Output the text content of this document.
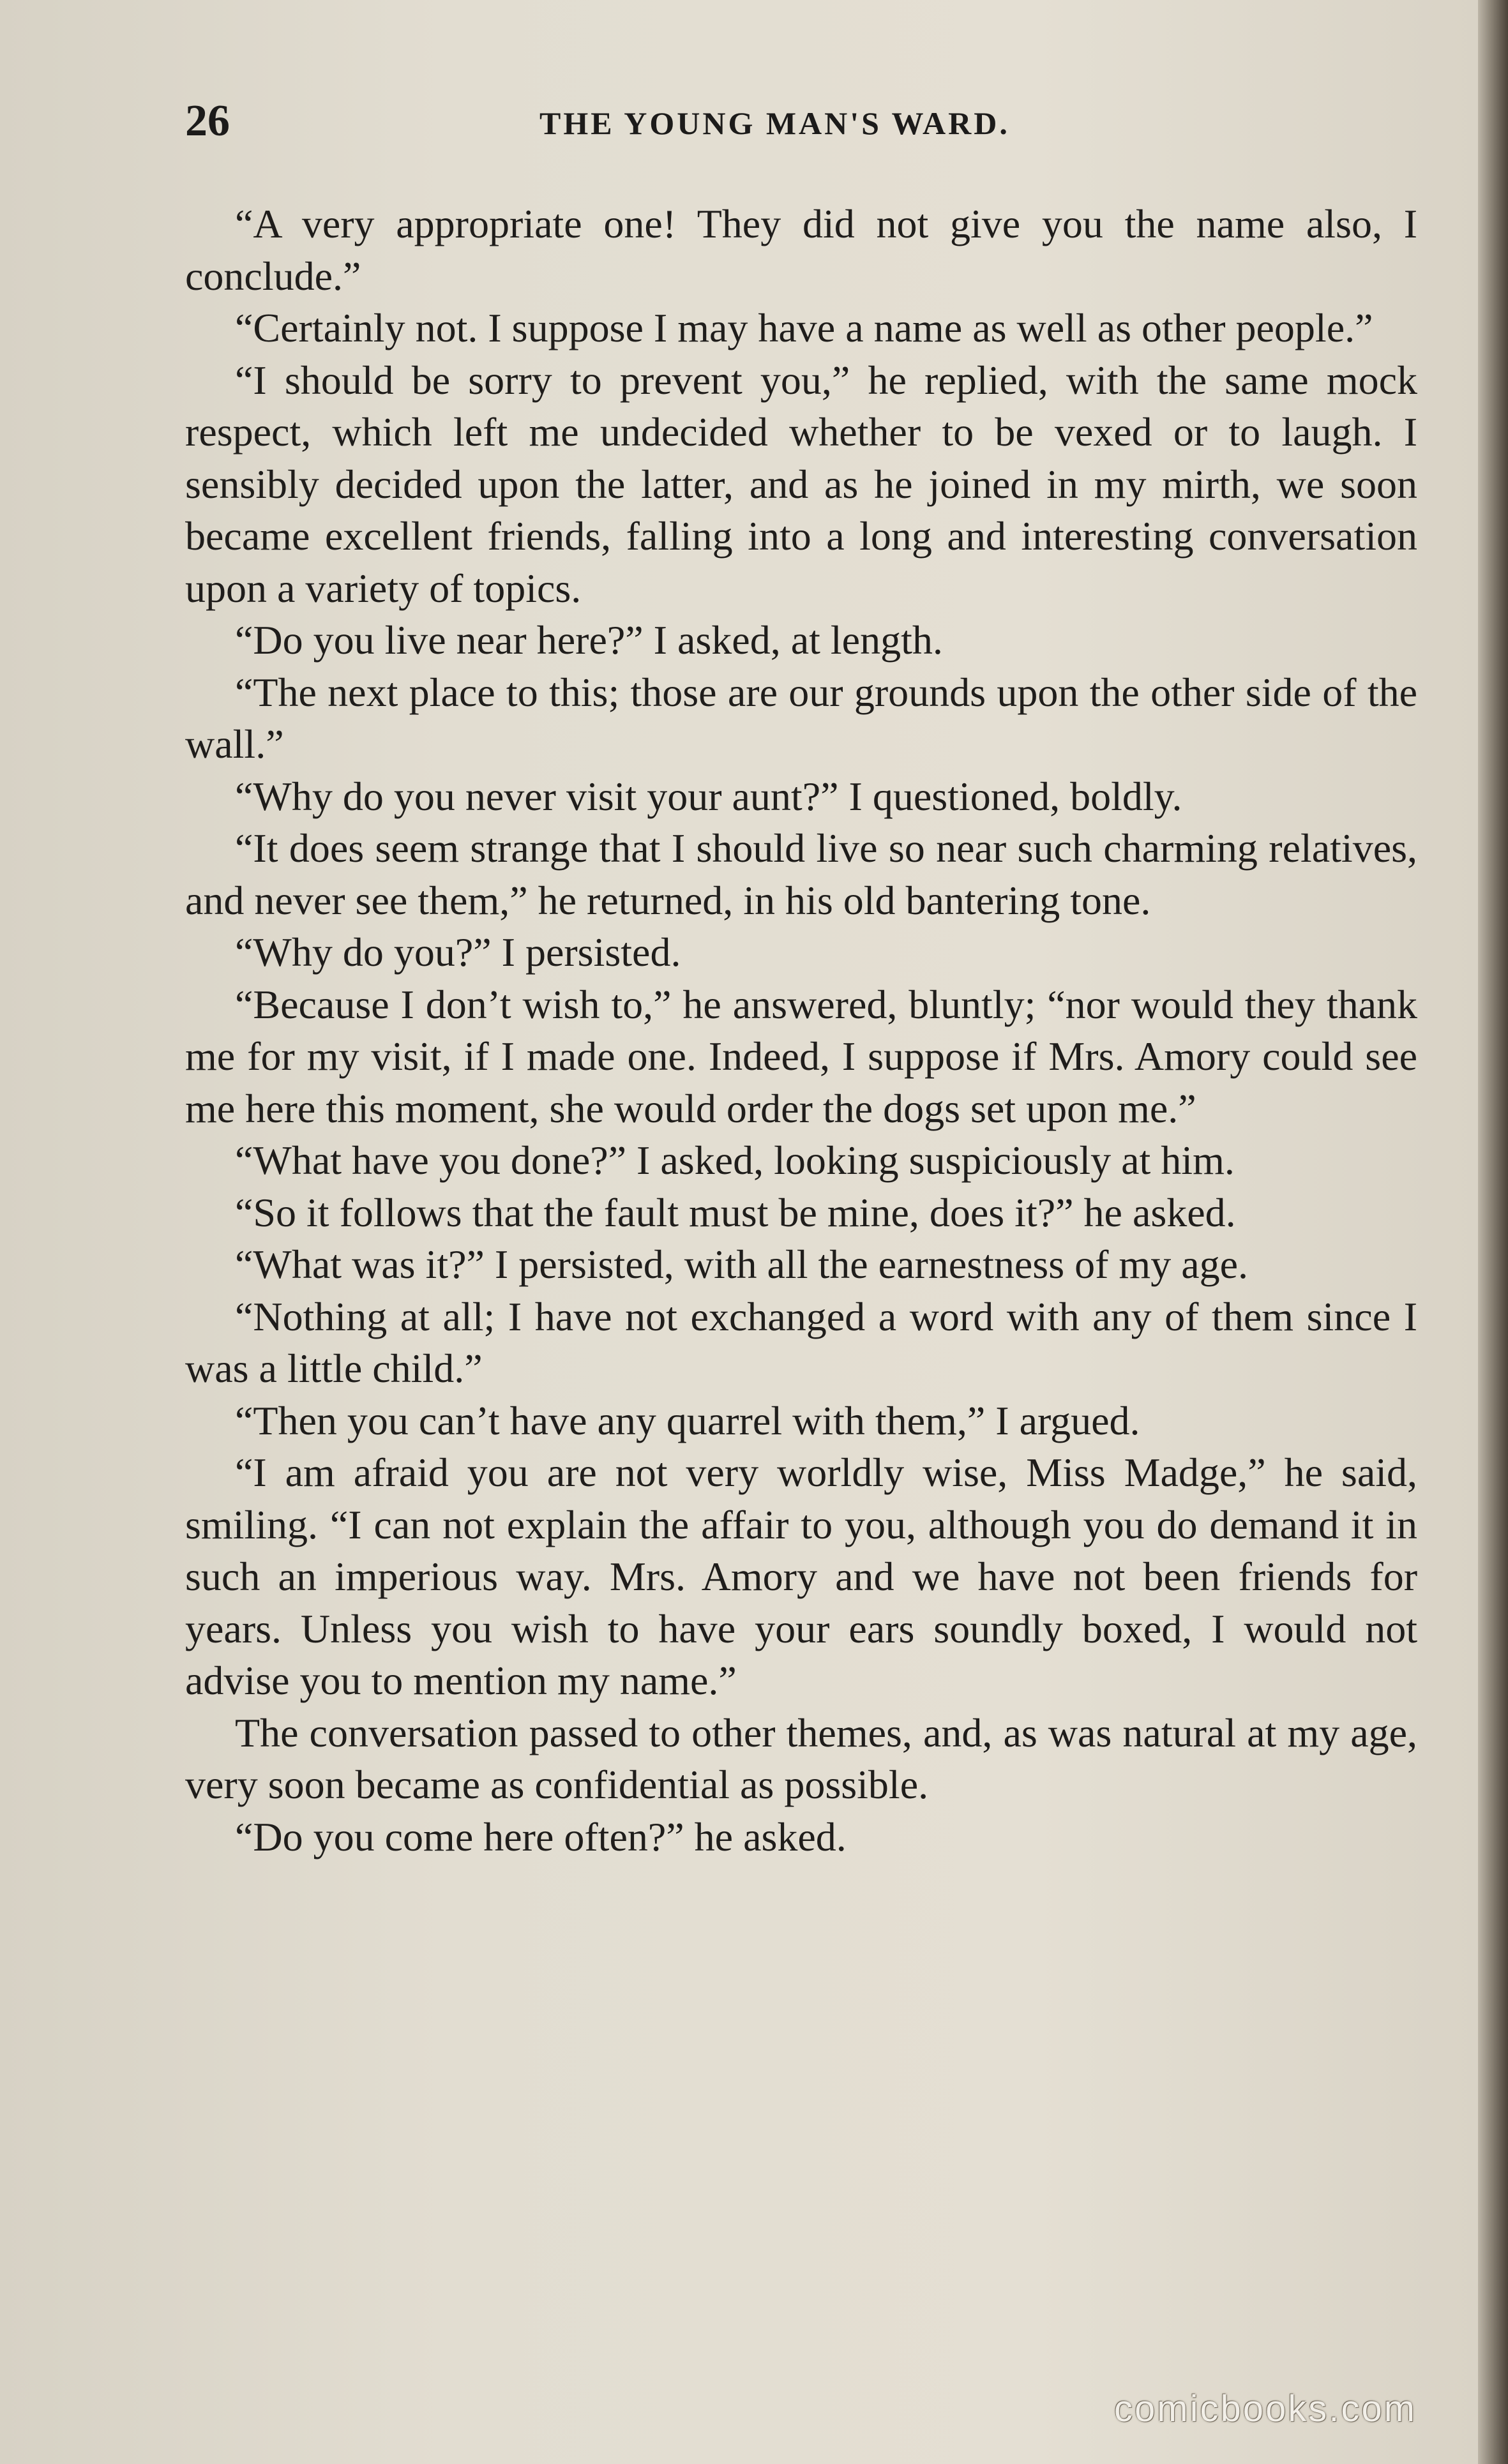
26	THE YOUNG MAN'S WARD.

“A very appropriate one! They did not give you the name also, I conclude.”

“Certainly not. I suppose I may have a name as well as other people.”

“I should be sorry to prevent you,” he replied, with the same mock respect, which left me undecided whether to be vexed or to laugh. I sensibly decided upon the latter, and as he joined in my mirth, we soon became excellent friends, falling into a long and interesting conversation upon a variety of topics.

“Do you live near here?” I asked, at length.

“The next place to this; those are our grounds upon the other side of the wall.”

“Why do you never visit your aunt?” I questioned, boldly.

“It does seem strange that I should live so near such charming relatives, and never see them,” he returned, in his old bantering tone.

“Why do you?” I persisted.

“Because I don’t wish to,” he answered, bluntly; “nor would they thank me for my visit, if I made one. Indeed, I suppose if Mrs. Amory could see me here this moment, she would order the dogs set upon me.”

“What have you done?” I asked, looking suspiciously at him.

“So it follows that the fault must be mine, does it?” he asked.

“What was it?” I persisted, with all the earnestness of my age.

“Nothing at all; I have not exchanged a word with any of them since I was a little child.”

“Then you can’t have any quarrel with them,” I argued.

“I am afraid you are not very worldly wise, Miss Madge,” he said, smiling. “I can not explain the affair to you, although you do demand it in such an imperious way. Mrs. Amory and we have not been friends for years. Unless you wish to have your ears soundly boxed, I would not advise you to mention my name.”

The conversation passed to other themes, and, as was natural at my age, very soon became as confidential as possible.

“Do you come here often?” he asked.

comicbooks.com
